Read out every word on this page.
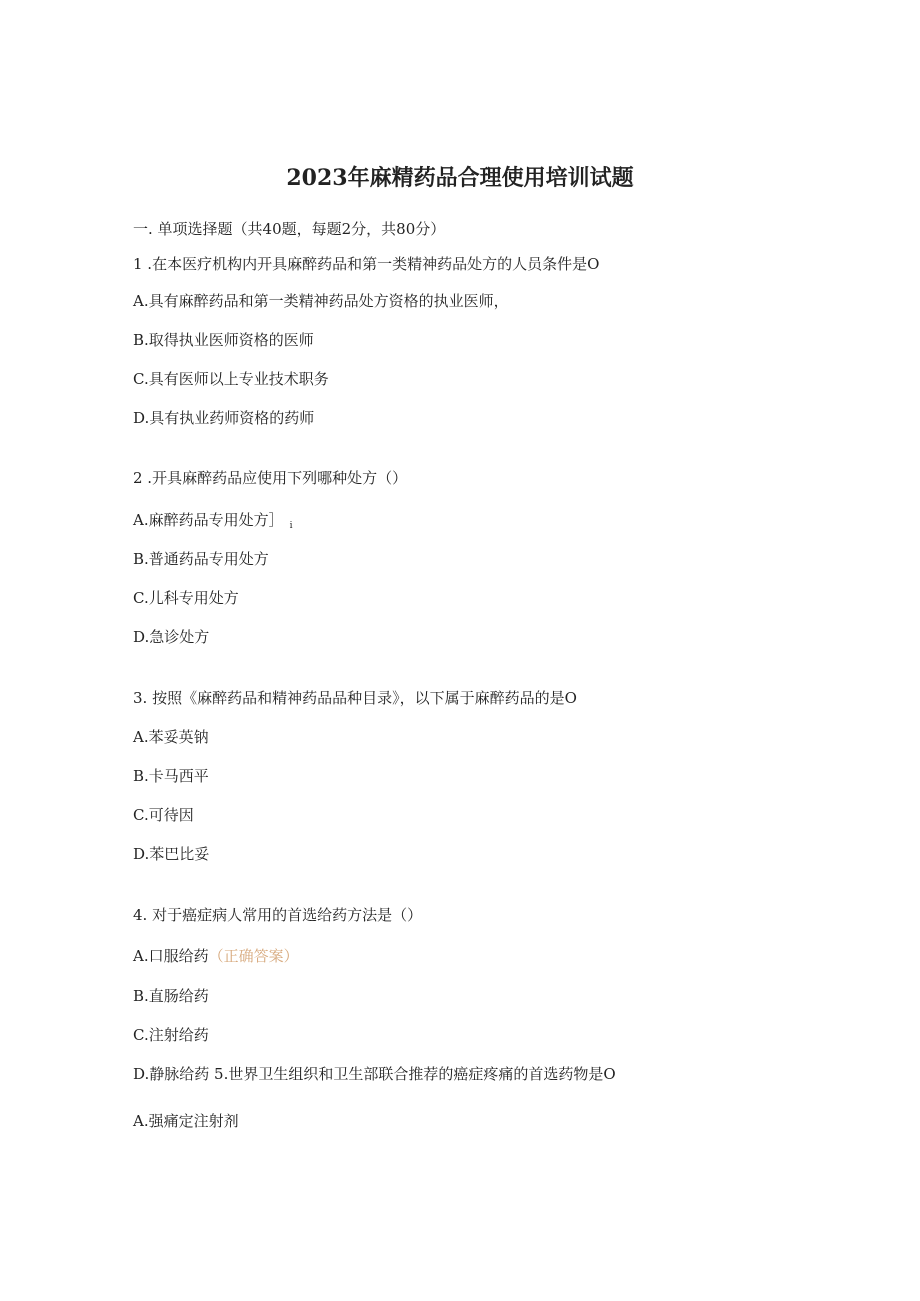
2023年麻精药品合理使用培训试题
一. 单项选择题（共40题，每题2分，共80分）
1 .在本医疗机构内开具麻醉药品和第一类精神药品处方的人员条件是O
A.具有麻醉药品和第一类精神药品处方资格的执业医师，
B.取得执业医师资格的医师
C.具有医师以上专业技术职务
D.具有执业药师资格的药师
2 .开具麻醉药品应使用下列哪种处方（）
A.麻醉药品专用处方］ $_i$
B.普通药品专用处方
C.儿科专用处方
D.急诊处方
3. 按照《麻醉药品和精神药品品种目录》，以下属于麻醉药品的是O
A.苯妥英钠
B.卡马西平
C.可待因
D.苯巴比妥
4. 对于癌症病人常用的首选给药方法是（）
A.口服给药（正确答案）
B.直肠给药
C.注射给药
D.静脉给药 5.世界卫生组织和卫生部联合推荐的癌症疼痛的首选药物是O
A.强痛定注射剂
